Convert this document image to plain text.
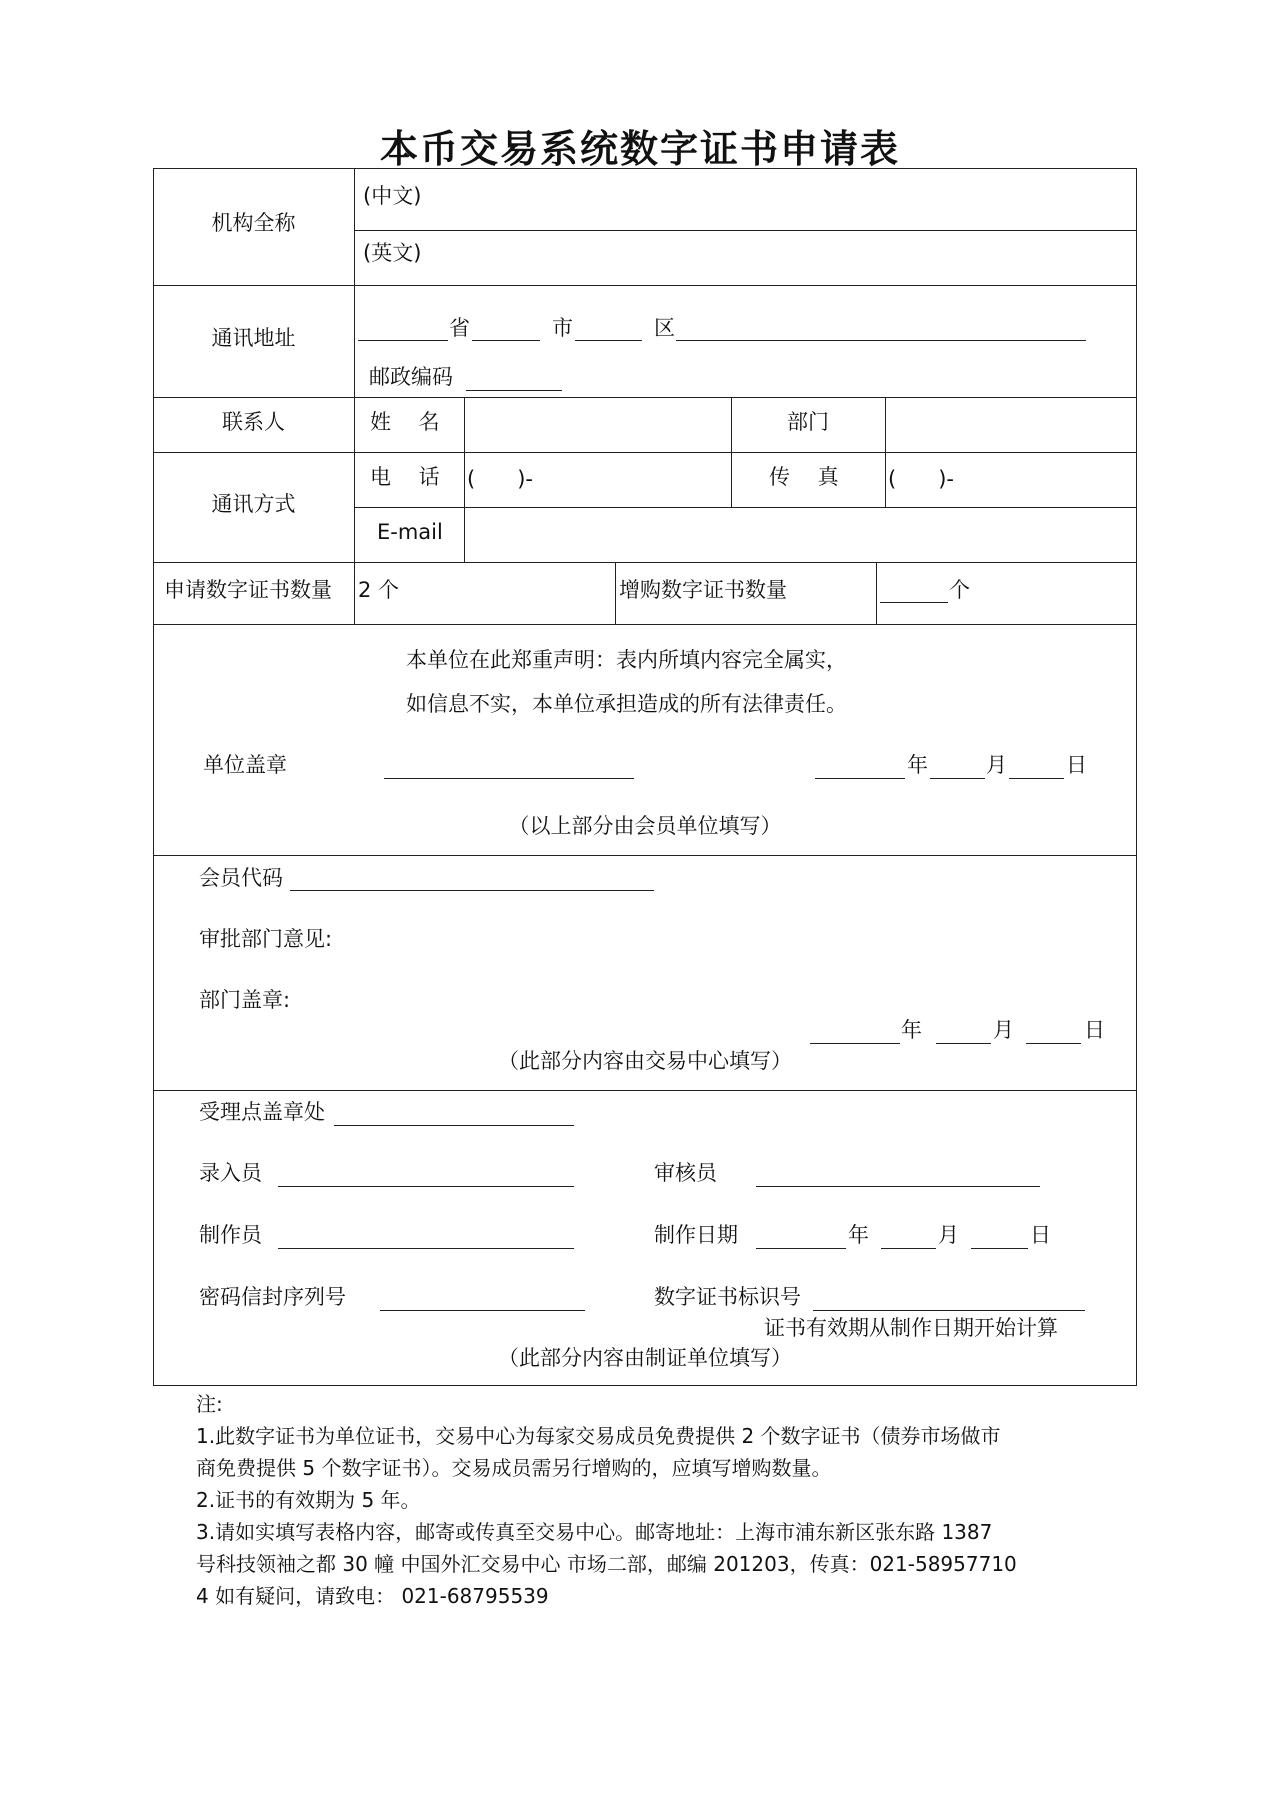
本币交易系统数字证书申请表
机构全称
(中文)
(英文)
通讯地址	省	市	区
邮政编码
联系人	姓　 名	部门
通讯方式
电　 话 (　　)-	传　 真 (　　)-
E-mail
申请数字证书数量 2 个	增购数字证书数量	个
本单位在此郑重声明：表内所填内容完全属实，
如信息不实，本单位承担造成的所有法律责任。
单位盖章	年	月	日
（以上部分由会员单位填写）
会员代码
审批部门意见:
部门盖章:
年	月	日
（此部分内容由交易中心填写）
受理点盖章处
录入员	审核员
制作员	制作日期	年	月	日
密码信封序列号	数字证书标识号
证书有效期从制作日期开始计算
（此部分内容由制证单位填写）
注:
1.此数字证书为单位证书，交易中心为每家交易成员免费提供 2 个数字证书（债券市场做市
商免费提供 5 个数字证书）。交易成员需另行增购的，应填写增购数量。
2.证书的有效期为 5 年。
3.请如实填写表格内容，邮寄或传真至交易中心。邮寄地址：上海市浦东新区张东路 1387
号科技领袖之都 30 幢 中国外汇交易中心 市场二部，邮编 201203，传真：021-58957710
4 如有疑问，请致电： 021-68795539
